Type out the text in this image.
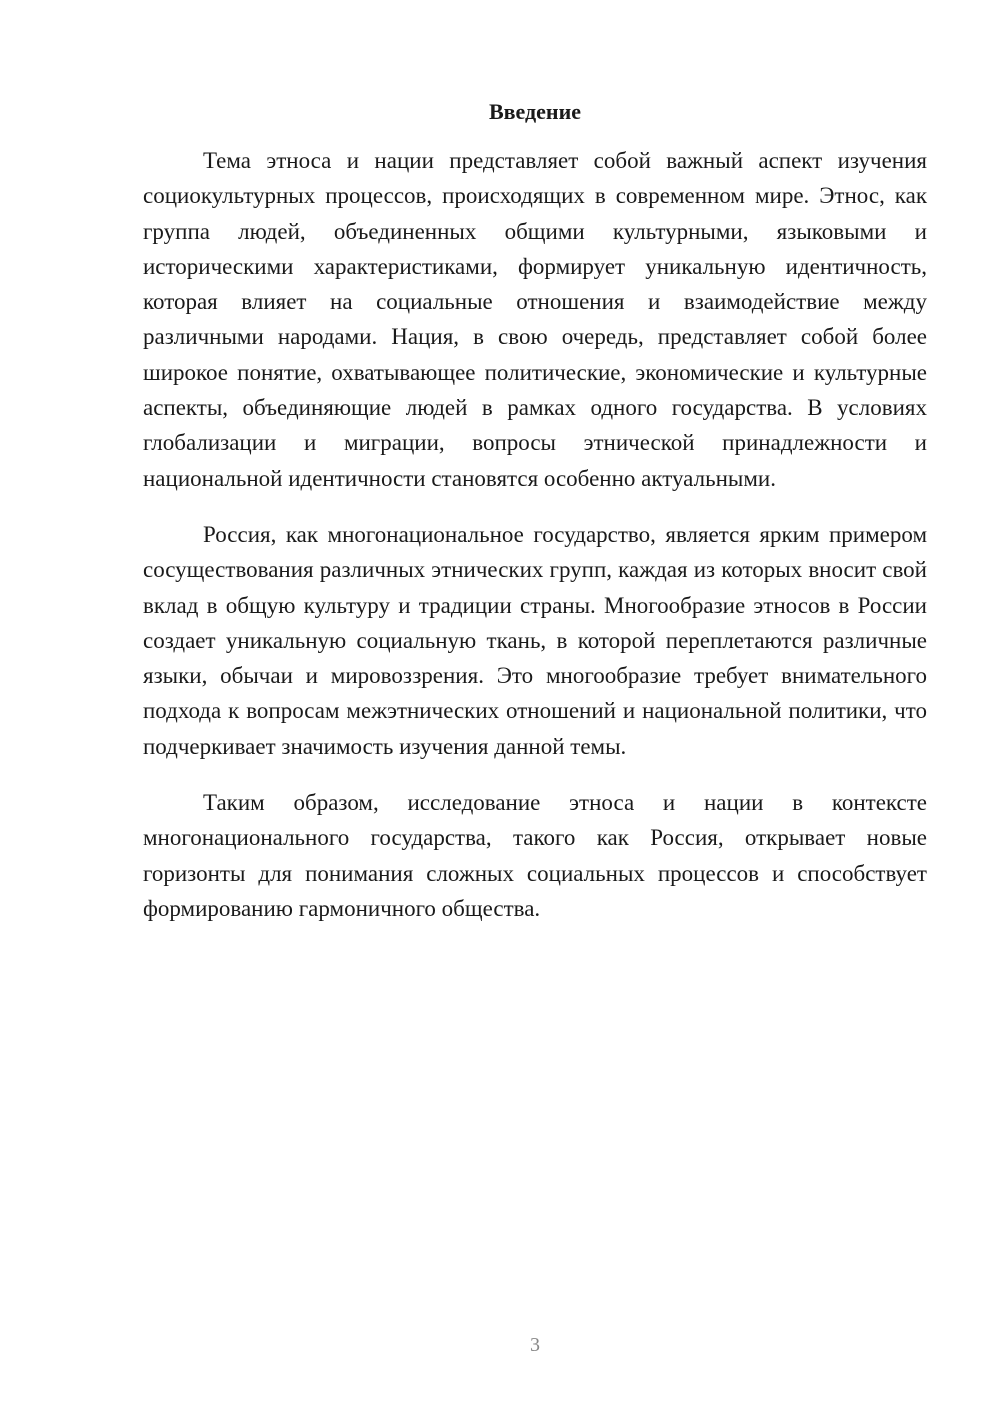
Введение

Тема этноса и нации представляет собой важный аспект изучения социокультурных процессов, происходящих в современном мире. Этнос, как группа людей, объединенных общими культурными, языковыми и историческими характеристиками, формирует уникальную идентичность, которая влияет на социальные отношения и взаимодействие между различными народами. Нация, в свою очередь, представляет собой более широкое понятие, охватывающее политические, экономические и культурные аспекты, объединяющие людей в рамках одного государства. В условиях глобализации и миграции, вопросы этнической принадлежности и национальной идентичности становятся особенно актуальными.

Россия, как многонациональное государство, является ярким примером сосуществования различных этнических групп, каждая из которых вносит свой вклад в общую культуру и традиции страны. Многообразие этносов в России создает уникальную социальную ткань, в которой переплетаются различные языки, обычаи и мировоззрения. Это многообразие требует внимательного подхода к вопросам межэтнических отношений и национальной политики, что подчеркивает значимость изучения данной темы.

Таким образом, исследование этноса и нации в контексте многонационального государства, такого как Россия, открывает новые горизонты для понимания сложных социальных процессов и способствует формированию гармоничного общества.

3
